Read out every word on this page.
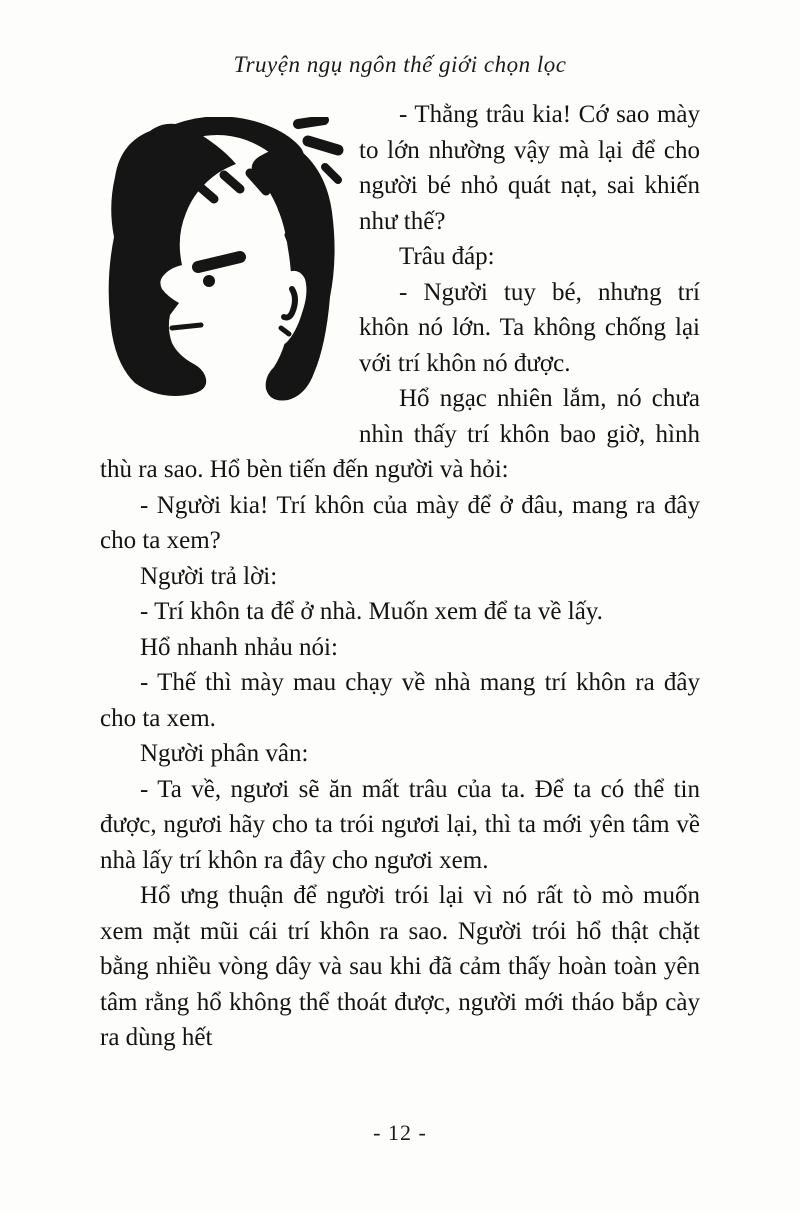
Truyện ngụ ngôn thế giới chọn lọc

- Thằng trâu kia! Cớ sao mày to lớn nhường vậy mà lại để cho người bé nhỏ quát nạt, sai khiến như thế?

Trâu đáp:

- Người tuy bé, nhưng trí khôn nó lớn. Ta không chống lại với trí khôn nó được.

Hổ ngạc nhiên lắm, nó chưa nhìn thấy trí khôn bao giờ, hình thù ra sao. Hổ bèn tiến đến người và hỏi:

- Người kia! Trí khôn của mày để ở đâu, mang ra đây cho ta xem?

Người trả lời:

- Trí khôn ta để ở nhà. Muốn xem để ta về lấy.

Hổ nhanh nhảu nói:

- Thế thì mày mau chạy về nhà mang trí khôn ra đây cho ta xem.

Người phân vân:

- Ta về, ngươi sẽ ăn mất trâu của ta. Để ta có thể tin được, ngươi hãy cho ta trói ngươi lại, thì ta mới yên tâm về nhà lấy trí khôn ra đây cho ngươi xem.

Hổ ưng thuận để người trói lại vì nó rất tò mò muốn xem mặt mũi cái trí khôn ra sao. Người trói hổ thật chặt bằng nhiều vòng dây và sau khi đã cảm thấy hoàn toàn yên tâm rằng hổ không thể thoát được, người mới tháo bắp cày ra dùng hết

- 12 -
